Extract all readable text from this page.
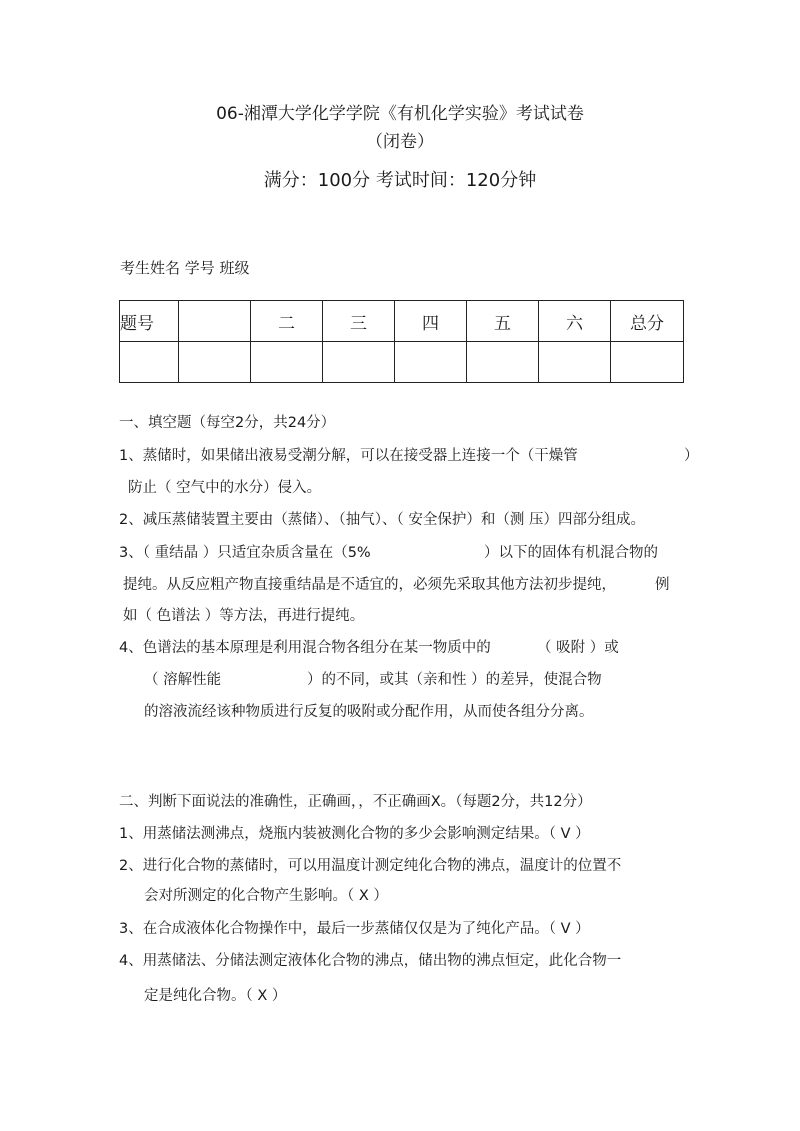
06-湘潭大学化学学院《有机化学实验》考试试卷
（闭卷）
满分：100分 考试时间：120分钟
考生姓名 学号 班级
题号		二	三	四	五	六	总分

一、填空题（每空2分，共24分）
1、蒸储时，如果储出液易受潮分解，可以在接受器上连接一个（干燥管	）
防止（ 空气中的水分）侵入。
2、减压蒸储装置主要由（蒸储）、（抽气）、（ 安全保护）和（测 压）四部分组成。
3、（ 重结晶 ）只适宜杂质含量在（5%	）以下的固体有机混合物的
提纯。从反应粗产物直接重结晶是不适宜的，必须先采取其他方法初步提纯，	例
如（ 色谱法 ）等方法，再进行提纯。
4、色谱法的基本原理是利用混合物各组分在某一物质中的	（ 吸附 ）或
（ 溶解性能	）的不同，或其（亲和性 ）的差异，使混合物
的溶液流经该种物质进行反复的吸附或分配作用，从而使各组分分离。
二、判断下面说法的准确性，正确画，，不正确画X。（每题2分，共12分）
1、用蒸储法测沸点，烧瓶内装被测化合物的多少会影响测定结果。（ V ）
2、进行化合物的蒸储时，可以用温度计测定纯化合物的沸点，温度计的位置不
会对所测定的化合物产生影响。（ X ）
3、在合成液体化合物操作中，最后一步蒸储仅仅是为了纯化产品。（ V ）
4、用蒸储法、分储法测定液体化合物的沸点，储出物的沸点恒定，此化合物一
定是纯化合物。（ X ）
